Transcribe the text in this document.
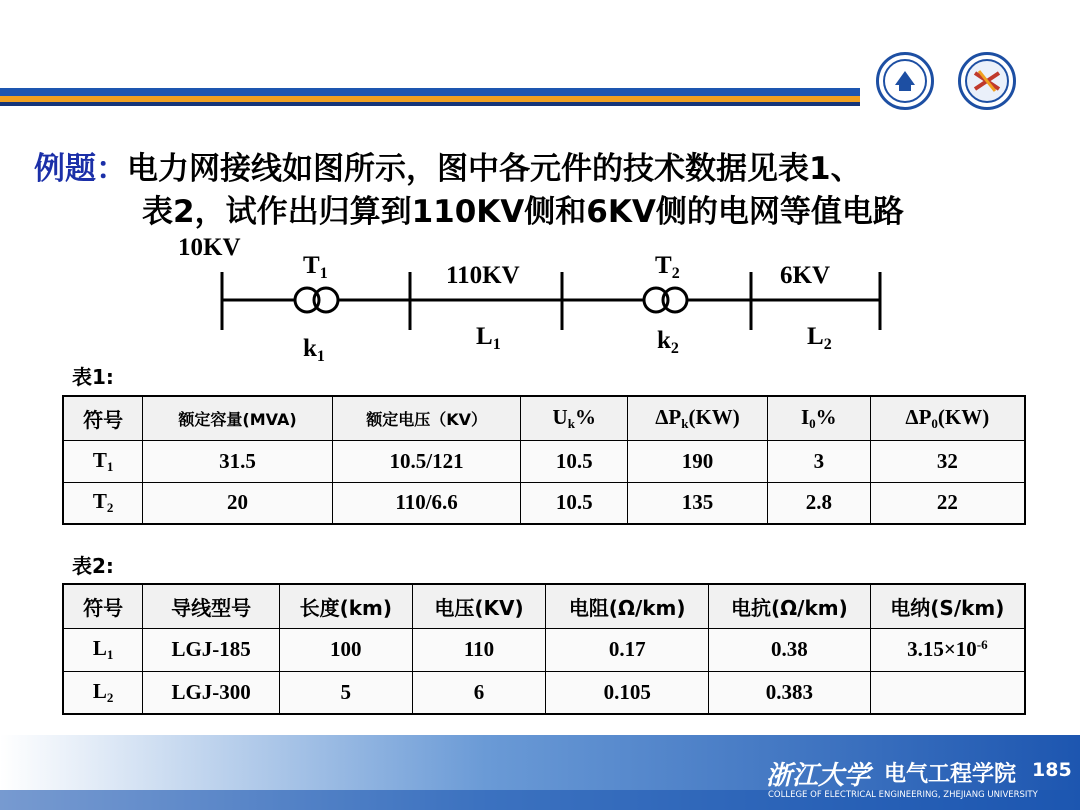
例题：电力网接线如图所示，图中各元件的技术数据见表1、
表2，试作出归算到110KV侧和6KV侧的电网等值电路
10KV
$T_1$	110KV	$T_2$	6KV
$k_1$
$L_1$	$k_2$	$L_2$
表1:
符号	额定容量(MVA)	额定电压（KV）	$U_k\%$	$\Delta P_k(KW)$	$I_0\%$	$\Delta P_0(KW)$
$T_1$	31.5	10.5/121	10.5	190	3	32
$T_2$	20	110/6.6	10.5	135	2.8	22
表2:
符号	导线型号	长度(km)	电压(KV)	电阻(Ω/km)	电抗(Ω/km)	电纳(S/km)
$L_1$	LGJ-185	100	110	0.17	0.38	$3.15\times 10^{-6}$
$L_2$	LGJ-300	5	6	0.105	0.383	
浙江大学 电气工程学院 185
COLLEGE OF ELECTRICAL ENGINEERING, ZHEJIANG UNIVERSITY
